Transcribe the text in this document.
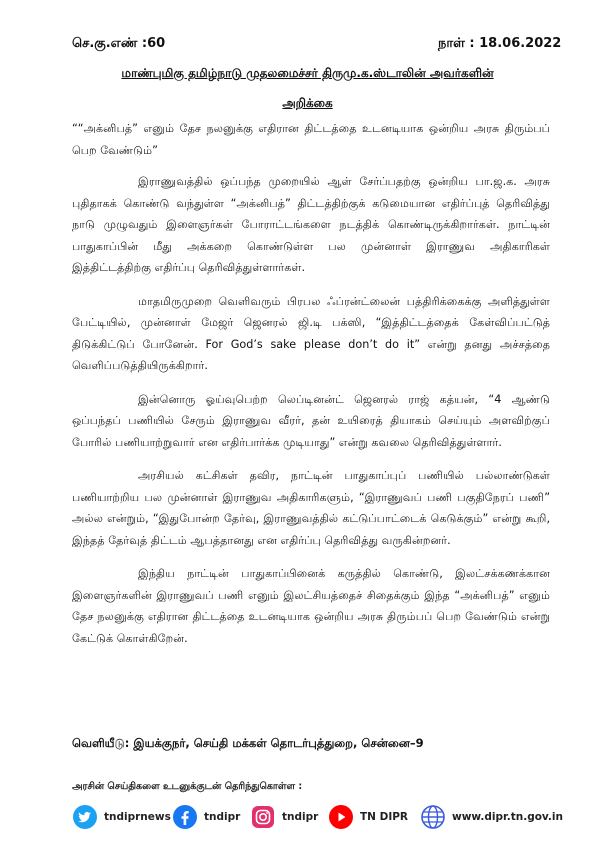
செ.கு.எண் :60	நாள் : 18.06.2022
மாண்புமிகு தமிழ்நாடு முதலமைச்சர் திருமு.க.ஸ்டாலின் அவர்களின்
அறிக்கை

““அக்னிபத்” எனும் தேச நலனுக்கு எதிரான திட்டத்தை உடனடியாக ஒன்றிய அரசு திரும்பப் பெற வேண்டும்”

இராணுவத்தில் ஒப்பந்த முறையில் ஆள் சேர்ப்பதற்கு ஒன்றிய பா.ஜ.க. அரசு புதிதாகக் கொண்டு வந்துள்ள “அக்னிபத்” திட்டத்திற்குக் கடுமையான எதிர்ப்புத் தெரிவித்து நாடு முழுவதும் இளைஞர்கள் போராட்டங்களை நடத்திக் கொண்டிருக்கிறார்கள். நாட்டின் பாதுகாப்பின் மீது அக்கறை கொண்டுள்ள பல முன்னாள் இராணுவ அதிகாரிகள் இத்திட்டத்திற்கு எதிர்ப்பு தெரிவித்துள்ளார்கள்.

மாதமிருமுறை வெளிவரும் பிரபல ஃப்ரன்ட்லைன் பத்திரிக்கைக்கு அளித்துள்ள பேட்டியில், முன்னாள் மேஜர் ஜெனரல் ஜி.டி பக்ஸி, “இத்திட்டத்தைக் கேள்விப்பட்டுத் திடுக்கிட்டுப் போனேன். For God’s sake please don’t do it” என்று தனது அச்சத்தை வெளிப்படுத்தியிருக்கிறார்.

இன்னொரு ஓய்வுபெற்ற லெப்டினன்ட் ஜெனரல் ராஜ் கத்யன், “4 ஆண்டு ஒப்பந்தப் பணியில் சேரும் இராணுவ வீரர், தன் உயிரைத் தியாகம் செய்யும் அளவிற்குப் போரில் பணியாற்றுவார் என எதிர்பார்க்க முடியாது” என்று கவலை தெரிவித்துள்ளார்.

அரசியல் கட்சிகள் தவிர, நாட்டின் பாதுகாப்புப் பணியில் பல்லாண்டுகள் பணியாற்றிய பல முன்னாள் இராணுவ அதிகாரிகளும், “இராணுவப் பணி பகுதிநேரப் பணி” அல்ல என்றும், “இதுபோன்ற தேர்வு, இராணுவத்தில் கட்டுப்பாட்டைக் கெடுக்கும்” என்று கூறி, இந்தத் தேர்வுத் திட்டம் ஆபத்தானது என எதிர்ப்பு தெரிவித்து வருகின்றனர்.

இந்திய நாட்டின் பாதுகாப்பினைக் கருத்தில் கொண்டு, இலட்சக்கணக்கான இளைஞர்களின் இராணுவப் பணி எனும் இலட்சியத்தைச் சிதைக்கும் இந்த “அக்னிபத்” எனும் தேச நலனுக்கு எதிரான திட்டத்தை உடனடியாக ஒன்றிய அரசு திரும்பப் பெற வேண்டும் என்று கேட்டுக் கொள்கிறேன்.

வெளியீடு: இயக்குநர், செய்தி மக்கள் தொடர்புத்துறை, சென்னை–9
அரசின் செய்திகளை உடனுக்குடன் தெரிந்துகொள்ள :
tndiprnews	tndipr	tndipr	TN DIPR	www.dipr.tn.gov.in
